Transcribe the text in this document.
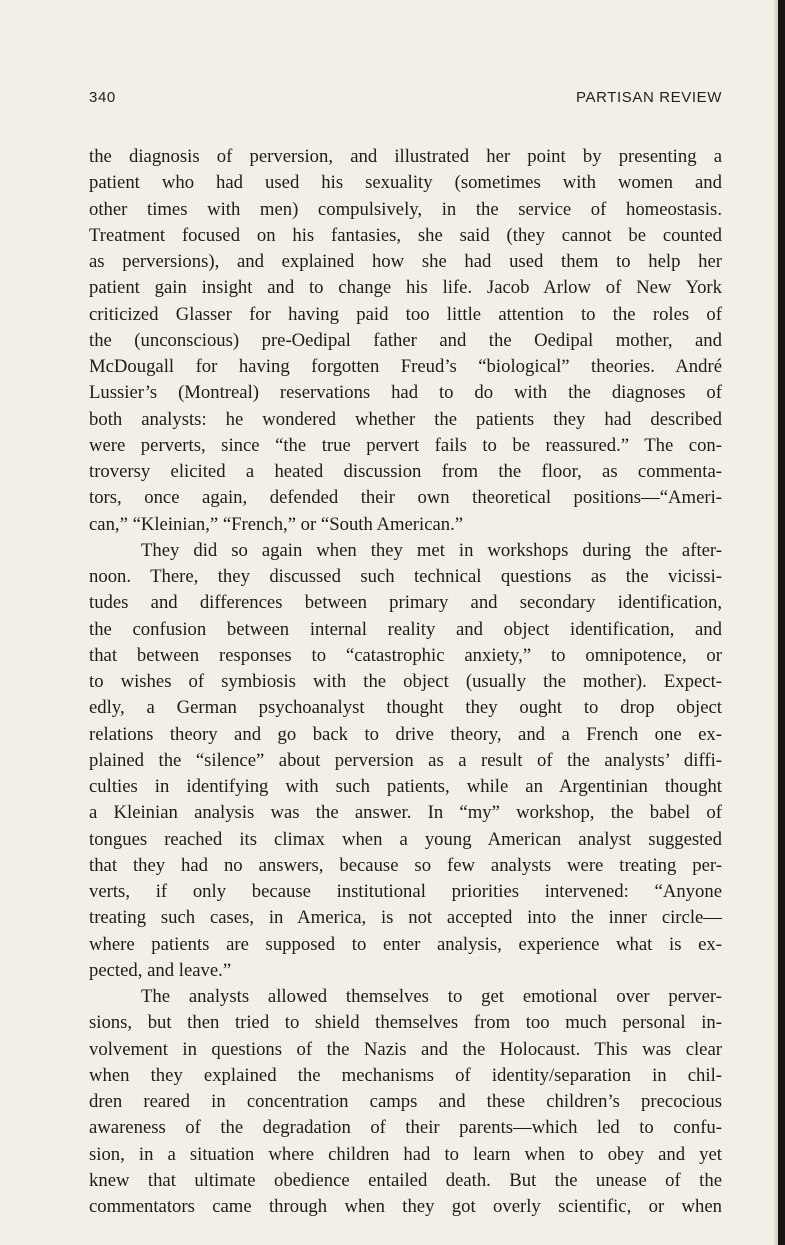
340	PARTISAN REVIEW
the diagnosis of perversion, and illustrated her point by presenting a
patient who had used his sexuality (sometimes with women and
other times with men) compulsively, in the service of homeostasis.
Treatment focused on his fantasies, she said (they cannot be counted
as perversions), and explained how she had used them to help her
patient gain insight and to change his life. Jacob Arlow of New York
criticized Glasser for having paid too little attention to the roles of
the (unconscious) pre-Oedipal father and the Oedipal mother, and
McDougall for having forgotten Freud’s “biological” theories. André
Lussier’s (Montreal) reservations had to do with the diagnoses of
both analysts: he wondered whether the patients they had described
were perverts, since “the true pervert fails to be reassured.” The con-
troversy elicited a heated discussion from the floor, as commenta-
tors, once again, defended their own theoretical positions—“Ameri-
can,” “Kleinian,” “French,” or “South American.”
They did so again when they met in workshops during the after-
noon. There, they discussed such technical questions as the vicissi-
tudes and differences between primary and secondary identification,
the confusion between internal reality and object identification, and
that between responses to “catastrophic anxiety,” to omnipotence, or
to wishes of symbiosis with the object (usually the mother). Expect-
edly, a German psychoanalyst thought they ought to drop object
relations theory and go back to drive theory, and a French one ex-
plained the “silence” about perversion as a result of the analysts’ diffi-
culties in identifying with such patients, while an Argentinian thought
a Kleinian analysis was the answer. In “my” workshop, the babel of
tongues reached its climax when a young American analyst suggested
that they had no answers, because so few analysts were treating per-
verts, if only because institutional priorities intervened: “Anyone
treating such cases, in America, is not accepted into the inner circle—
where patients are supposed to enter analysis, experience what is ex-
pected, and leave.”
The analysts allowed themselves to get emotional over perver-
sions, but then tried to shield themselves from too much personal in-
volvement in questions of the Nazis and the Holocaust. This was clear
when they explained the mechanisms of identity/separation in chil-
dren reared in concentration camps and these children’s precocious
awareness of the degradation of their parents—which led to confu-
sion, in a situation where children had to learn when to obey and yet
knew that ultimate obedience entailed death. But the unease of the
commentators came through when they got overly scientific, or when
